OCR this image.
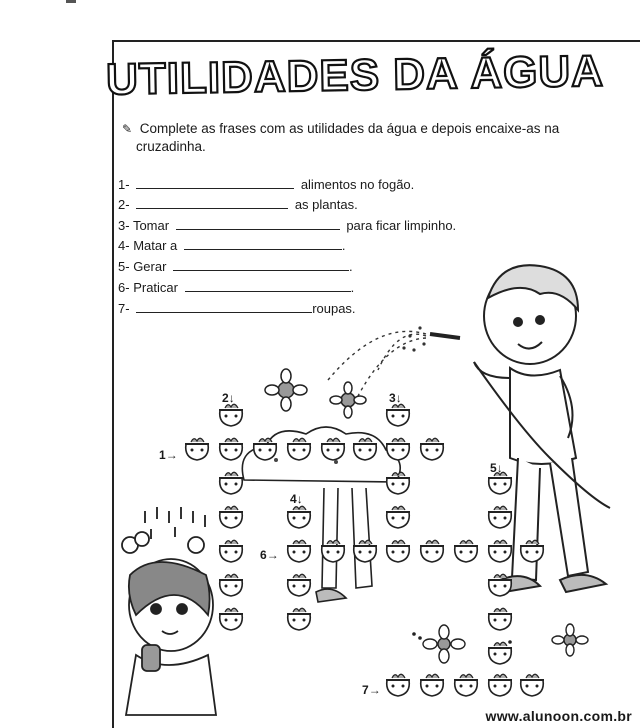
UTILIDADES DA ÁGUA
✎ Complete as frases com as utilidades da água e depois encaixe-as na
cruzadinha.
1-	alimentos no fogão.
2-	as plantas.
3- Tomar	para ficar limpinho.
4- Matar a	.
5- Gerar	.
6- Praticar	.
7-	roupas.
1→
2↓	3↓
4↓
5↓
6→
7→
www.alunoon.com.br
